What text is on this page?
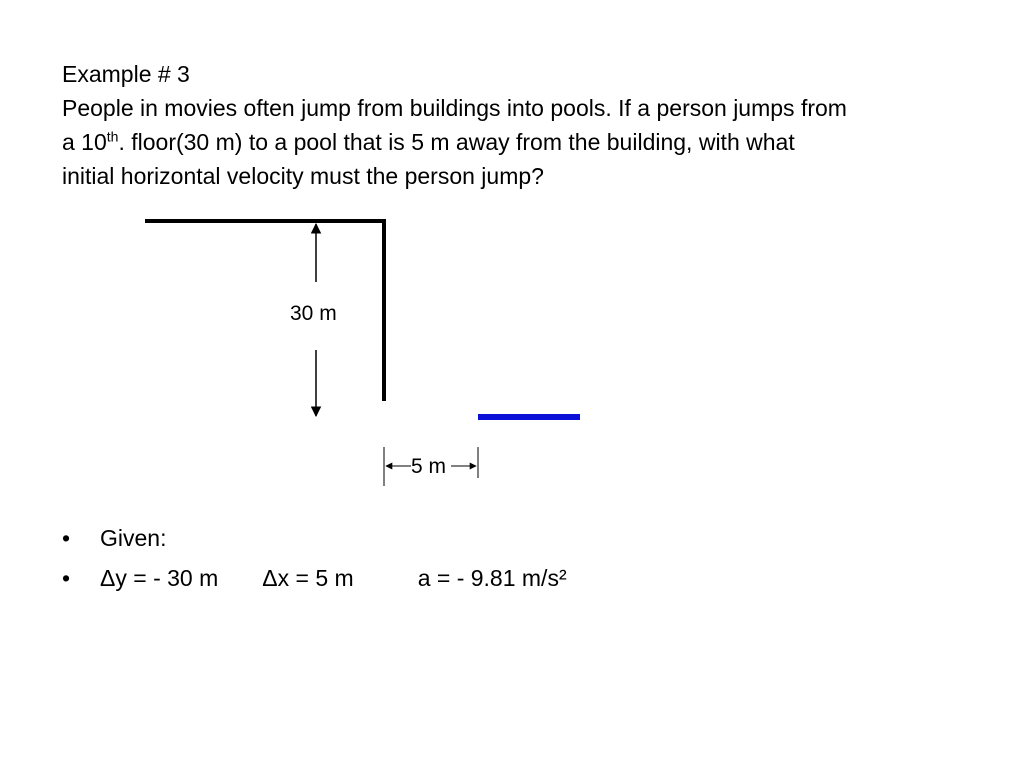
Example # 3
People in movies often jump from buildings into pools. If a person jumps from
a 10th. floor(30 m) to a pool that is 5 m away from the building, with what
initial horizontal velocity must the person jump?
30 m
5 m
• Given:
• Δy = - 30 m Δx = 5 m	a = - 9.81 m/s²
